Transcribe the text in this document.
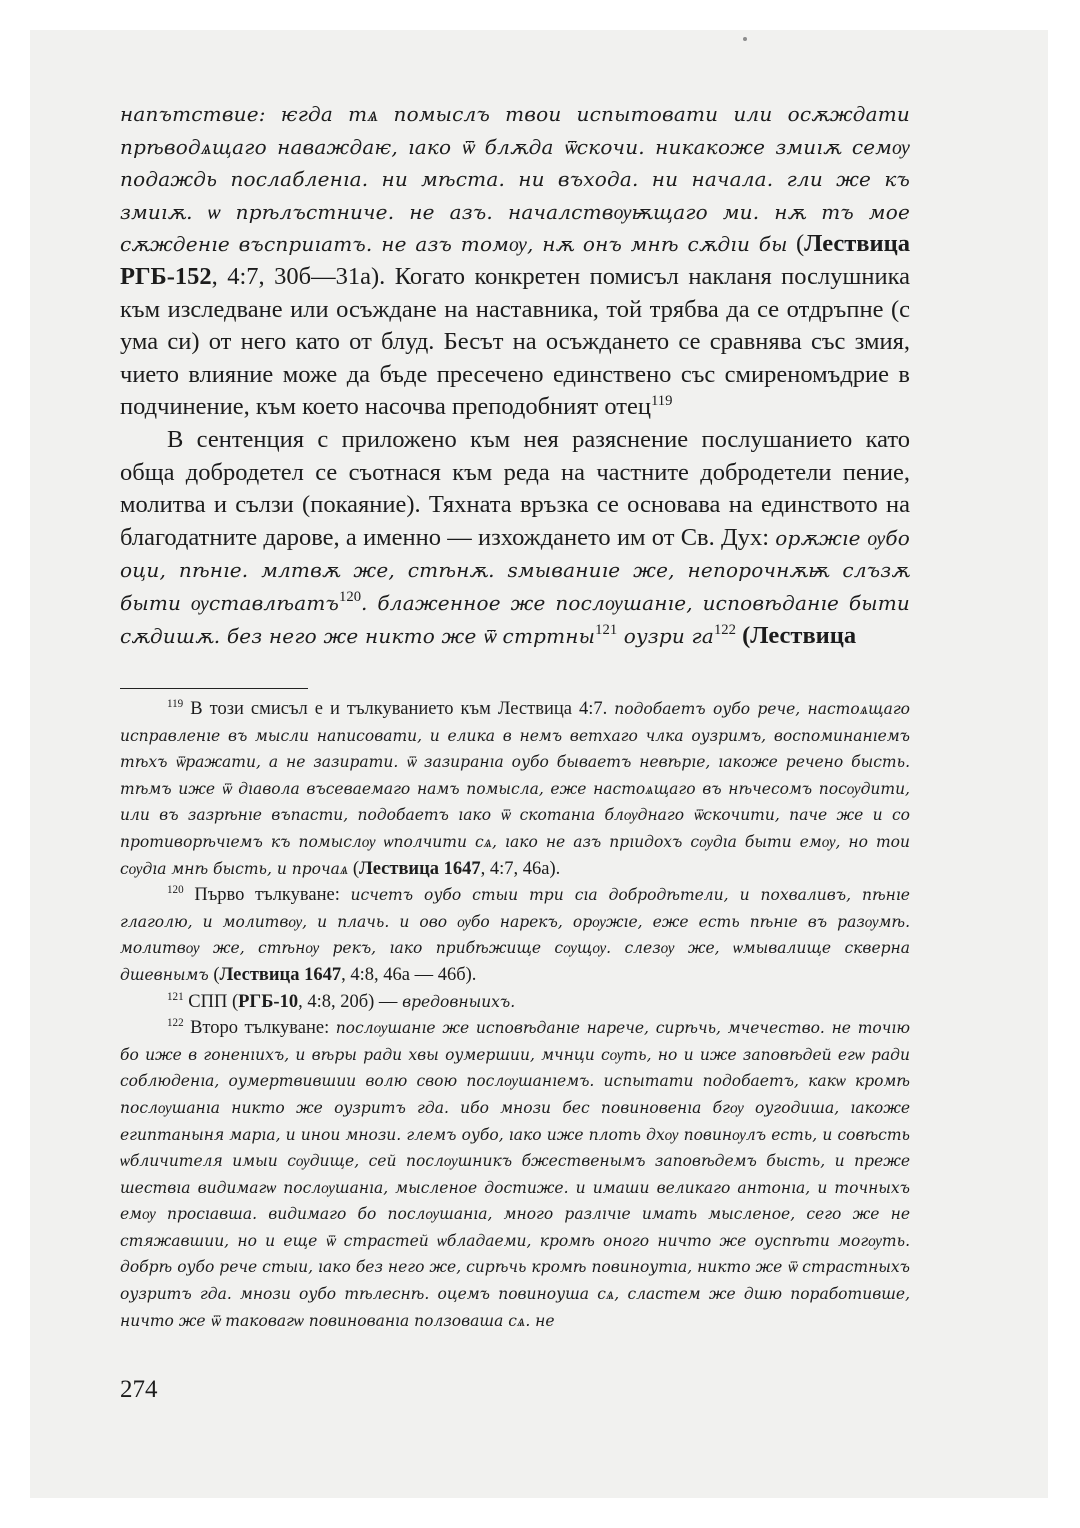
напътствие: ѥгда тѧ помыслъ твои испытовати или осѫждати прѣводѧщаго наваждаѥ, ıако ѿ блѫда ѿскочи. никакоже змиıѫ семѹ подаждь послабленıа. ни мѣста. ни въхода. ни начала. гли же къ змиıѫ. ѡ прѣлъстниче. не азъ. началствѹѭщаго ми. нѫ тъ мое сѫжденıе въсприıатъ. не азъ томѹ, нѫ онъ мнѣ сѫдıи бы (Лествица РГБ-152, 4:7, 30б—31а). Когато конкретен помисъл накланя послушника към изследване или осъждане на наставника, той трябва да се отдръпне (с ума си) от него като от блуд. Бесът на осъждането се сравнява със змия, чието влияние може да бъде пресечено единствено със смиреномъдрие в подчинение, към което насочва преподобният отец$^{119}$

В сентенция с приложено към нея разяснение послушанието като обща добродетел се съотнася към реда на частните добродетели пение, молитва и сълзи (покаяние). Тяхната връзка се основава на единството на благодатните дарове, а именно — изхождането им от Св. Дух: орѫжıе ѹбо оци, пѣнıе. млтвѫ же, стѣнѫ. ѕмываниıе же, непорочнѫѭ слъзѫ быти ѹставлѣатъ$^{120}$. блаженное же послѹшанıе, исповѣданıе быти сѫдишѫ. без него же никто же ѿ стртны$^{121}$ оузри $га^{122}$ (Лествица

$^{119}$ В този смисъл е и тълкуванието към Лествица 4:7. подобаетъ оубо рече, настоѧщаго исправленıе въ мысли написовати, и елика в немъ ветхаго члка оузримъ, воспоминанıемъ тѣхъ ѿражати, а не зазирати. ѿ зазиранıа оубо бываетъ невѣрıе, ıакоже речено бысть. тѣмъ иже ѿ дıавола въсеваемаго намъ помысла, еже настоѧщаго въ нѣчесомъ посѹдити, или въ зазрѣнıе въпасти, подобаетъ ıако ѿ скотанıа блѹднаго ѿскочити, паче же и со противорѣчıемъ къ помыслѹ ѡполчити сѧ, ıако не азъ прıидохъ сѹдıа быти емѹ, но тои сѹдıа мнѣ бысть, и прочаѧ (Лествица 1647, 4:7, 46а).

$^{120}$ Първо тълкуване: исчетъ оубо стыи три сıа добродѣтели, и похваливъ, пѣнıе глаголю, и молитвѹ, и плачь. и ово ѹбо нарекъ, орѹжıе, еже есть пѣнıе въ разѹмѣ. молитвѹ же, стѣнѹ рекъ, ıако прибѣжище сѹщѹ. слезѹ же, ѡмывалище скверна дшевнымъ (Лествица 1647, 4:8, 46а — 46б).

$^{121}$ СПП (РГБ-10, 4:8, 20б) — вредовныихъ.

$^{122}$ Второ тълкуване: послѹшанıе же исповѣданıе нарече, сирѣчь, мчечество. не точıю бо иже в гоненıихъ, и вѣры ради хвы оумершии, мчнци сѹть, но и иже заповѣдей егѡ ради соблюденıа, оумертвившии волю свою послѹшанıемъ. испытати подобаетъ, какѡ кромѣ послѹшанıа никто же оузритъ гда. ибо мнози бес повиновенıа бгѹ оугодиша, ıакоже египтаныня марıа, и инои мнози. глемъ оубо, ıако иже плоть дхѹ повинѹлъ есть, и совѣсть ѡбличителя имыи сѹдище, сей послѹшникъ бжественымъ заповѣдемъ бысть, и преже шествıа видимагѡ послѹшанıа, мысленое достиже. и имаши великаго антонıа, и точныхъ емѹ просıавша. видимаго бо послѹшанıа, много разлıчıе имать мысленое, сего же не стяжавшии, но и еще ѿ страстей ѡбладаеми, кромѣ оного ничто же оуспѣти могѹть. добрѣ оубо рече стыи, ıако без него же, сирѣчь кромѣ повиноутıа, никто же ѿ страстныхъ оузритъ гда. мнози оубо тѣлеснѣ. оцемъ повиноуша сѧ, сластем же дшю поработивше, ничто же ѿ таковагѡ повинованıа ползоваша сѧ. не

274
